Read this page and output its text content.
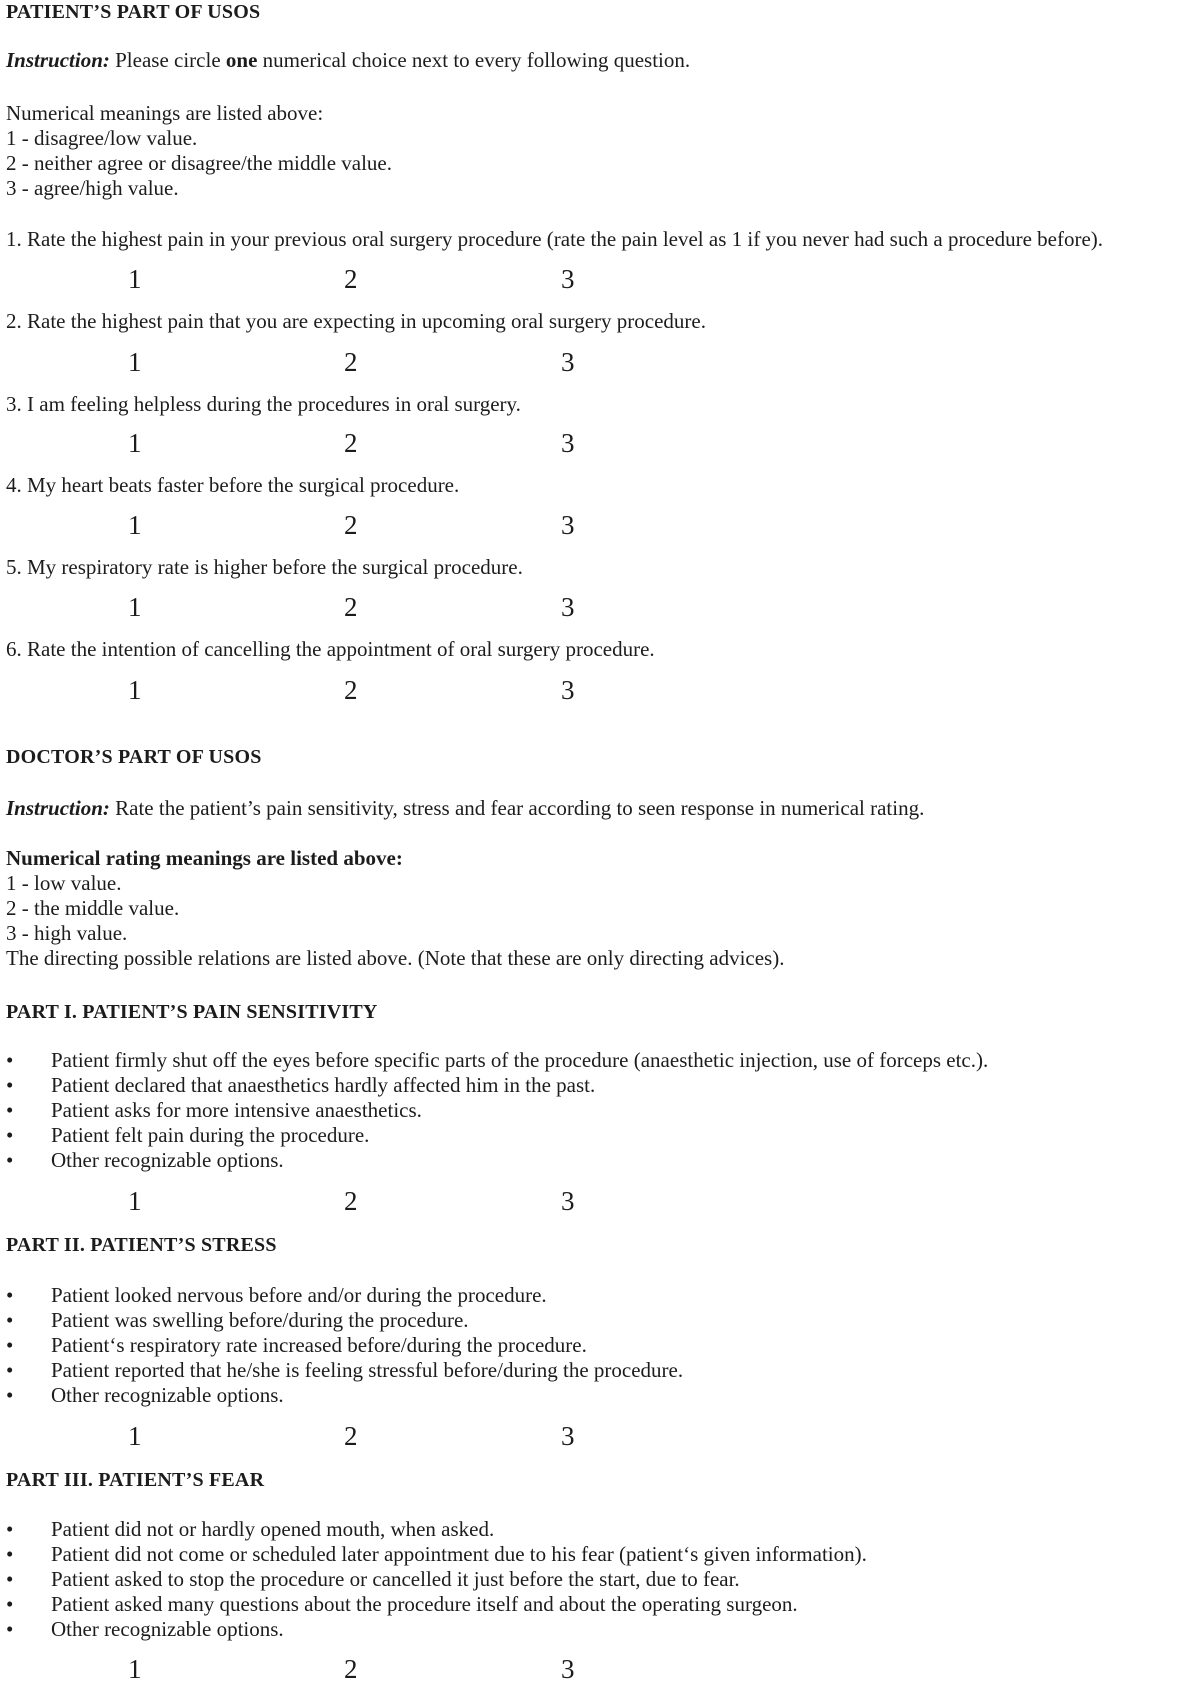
PATIENT’S PART OF USOS
Instruction: Please circle one numerical choice next to every following question.
Numerical meanings are listed above:
1 - disagree/low value.
2 - neither agree or disagree/the middle value.
3 - agree/high value.
1. Rate the highest pain in your previous oral surgery procedure (rate the pain level as 1 if you never had such a procedure before).
1	2	3
2. Rate the highest pain that you are expecting in upcoming oral surgery procedure.
1	2	3
3. I am feeling helpless during the procedures in oral surgery.
1	2	3
4. My heart beats faster before the surgical procedure.
1	2	3
5. My respiratory rate is higher before the surgical procedure.
1	2	3
6. Rate the intention of cancelling the appointment of oral surgery procedure.
1	2	3
DOCTOR’S PART OF USOS
Instruction: Rate the patient’s pain sensitivity, stress and fear according to seen response in numerical rating.
Numerical rating meanings are listed above:
1 - low value.
2 - the middle value.
3 - high value.
The directing possible relations are listed above. (Note that these are only directing advices).
PART I. PATIENT’S PAIN SENSITIVITY
•	Patient firmly shut off the eyes before specific parts of the procedure (anaesthetic injection, use of forceps etc.).
•	Patient declared that anaesthetics hardly affected him in the past.
•	Patient asks for more intensive anaesthetics.
•	Patient felt pain during the procedure.
•	Other recognizable options.
1	2	3
PART II. PATIENT’S STRESS
•	Patient looked nervous before and/or during the procedure.
•	Patient was swelling before/during the procedure.
•	Patient‘s respiratory rate increased before/during the procedure.
•	Patient reported that he/she is feeling stressful before/during the procedure.
•	Other recognizable options.
1	2	3
PART III. PATIENT’S FEAR
•	Patient did not or hardly opened mouth, when asked.
•	Patient did not come or scheduled later appointment due to his fear (patient‘s given information).
•	Patient asked to stop the procedure or cancelled it just before the start, due to fear.
•	Patient asked many questions about the procedure itself and about the operating surgeon.
•	Other recognizable options.
1	2	3
